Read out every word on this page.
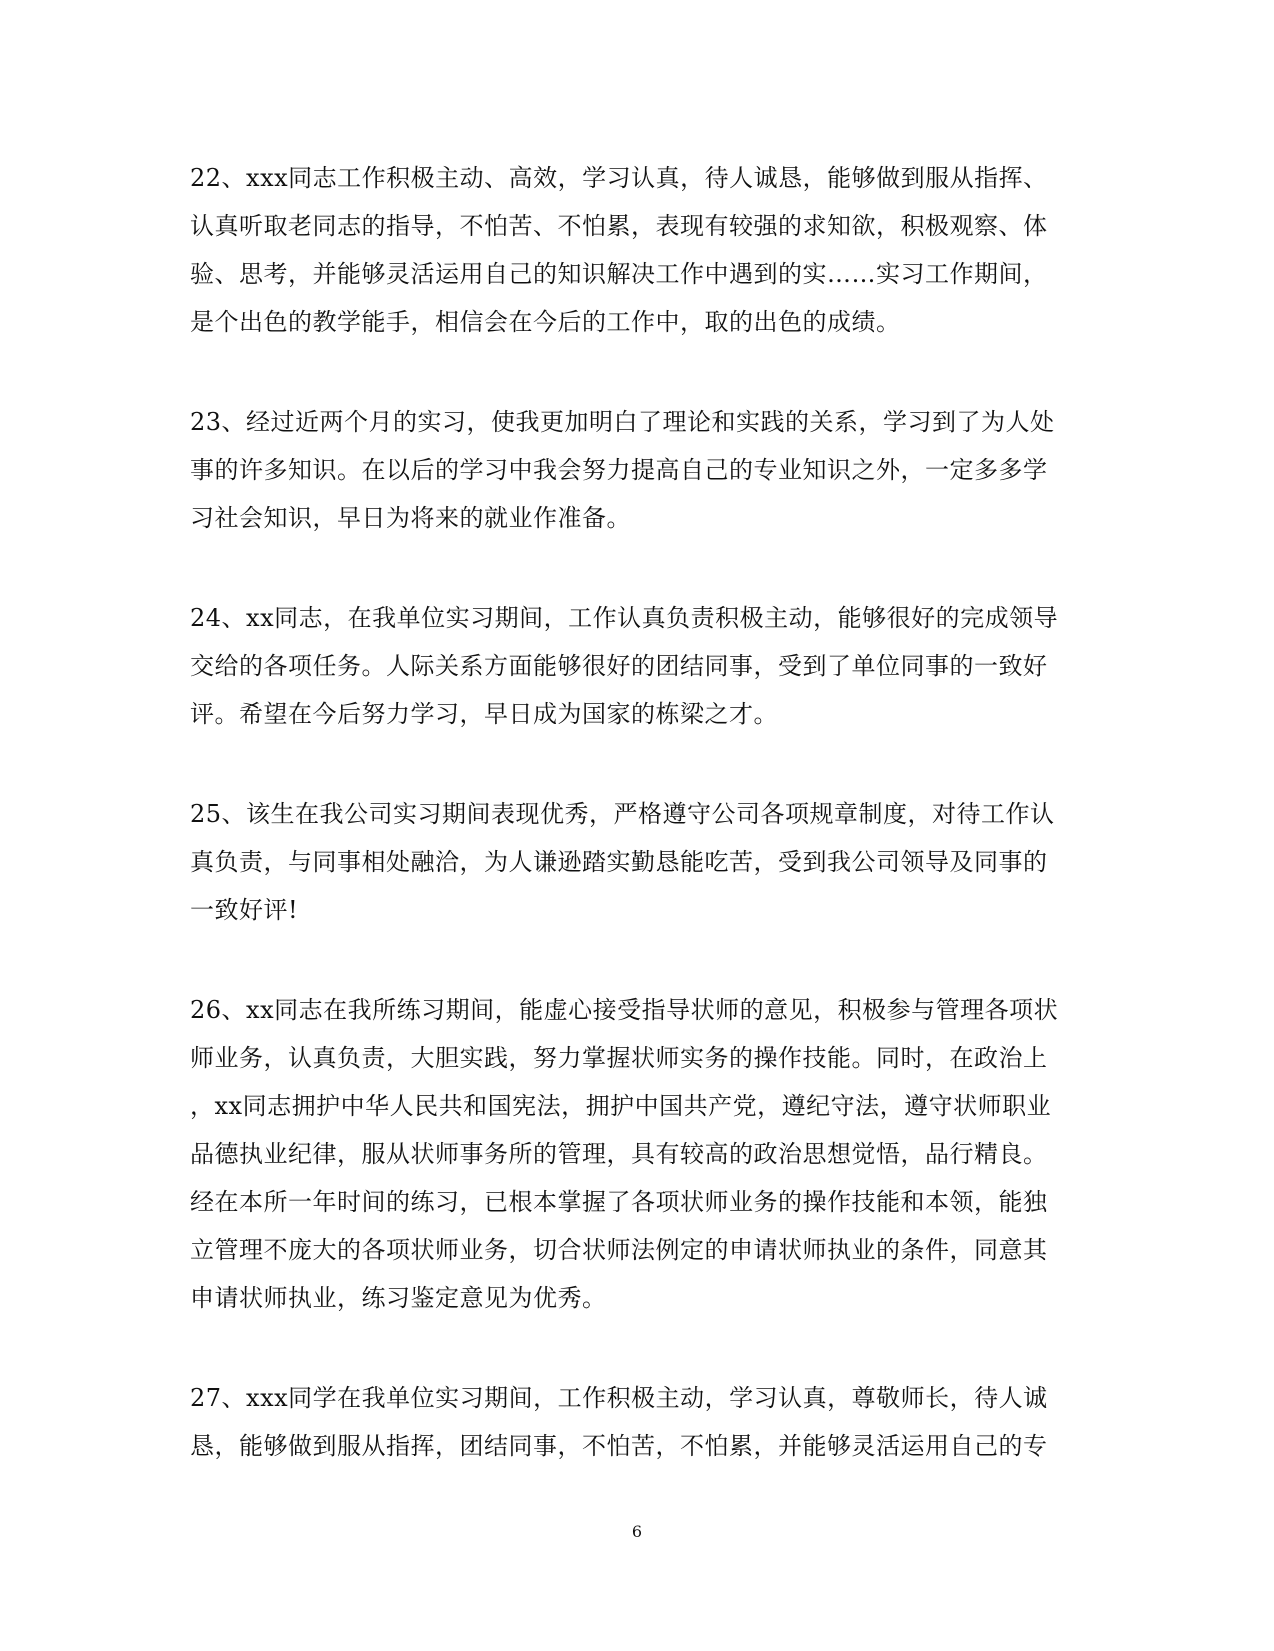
22、xxx同志工作积极主动、高效，学习认真，待人诚恳，能够做到服从指挥、
认真听取老同志的指导，不怕苦、不怕累，表现有较强的求知欲，积极观察、体
验、思考，并能够灵活运用自己的知识解决工作中遇到的实……实习工作期间，
是个出色的教学能手，相信会在今后的工作中，取的出色的成绩。

23、经过近两个月的实习，使我更加明白了理论和实践的关系，学习到了为人处
事的许多知识。在以后的学习中我会努力提高自己的专业知识之外，一定多多学
习社会知识，早日为将来的就业作准备。

24、xx同志，在我单位实习期间，工作认真负责积极主动，能够很好的完成领导
交给的各项任务。人际关系方面能够很好的团结同事，受到了单位同事的一致好
评。希望在今后努力学习，早日成为国家的栋梁之才。

25、该生在我公司实习期间表现优秀，严格遵守公司各项规章制度，对待工作认
真负责，与同事相处融洽，为人谦逊踏实勤恳能吃苦，受到我公司领导及同事的
一致好评!

26、xx同志在我所练习期间，能虚心接受指导状师的意见，积极参与管理各项状
师业务，认真负责，大胆实践，努力掌握状师实务的操作技能。同时，在政治上
，xx同志拥护中华人民共和国宪法，拥护中国共产党，遵纪守法，遵守状师职业
品德执业纪律，服从状师事务所的管理，具有较高的政治思想觉悟，品行精良。
经在本所一年时间的练习，已根本掌握了各项状师业务的操作技能和本领，能独
立管理不庞大的各项状师业务，切合状师法例定的申请状师执业的条件，同意其
申请状师执业，练习鉴定意见为优秀。

27、xxx同学在我单位实习期间，工作积极主动，学习认真，尊敬师长，待人诚
恳，能够做到服从指挥，团结同事，不怕苦，不怕累，并能够灵活运用自己的专

6
